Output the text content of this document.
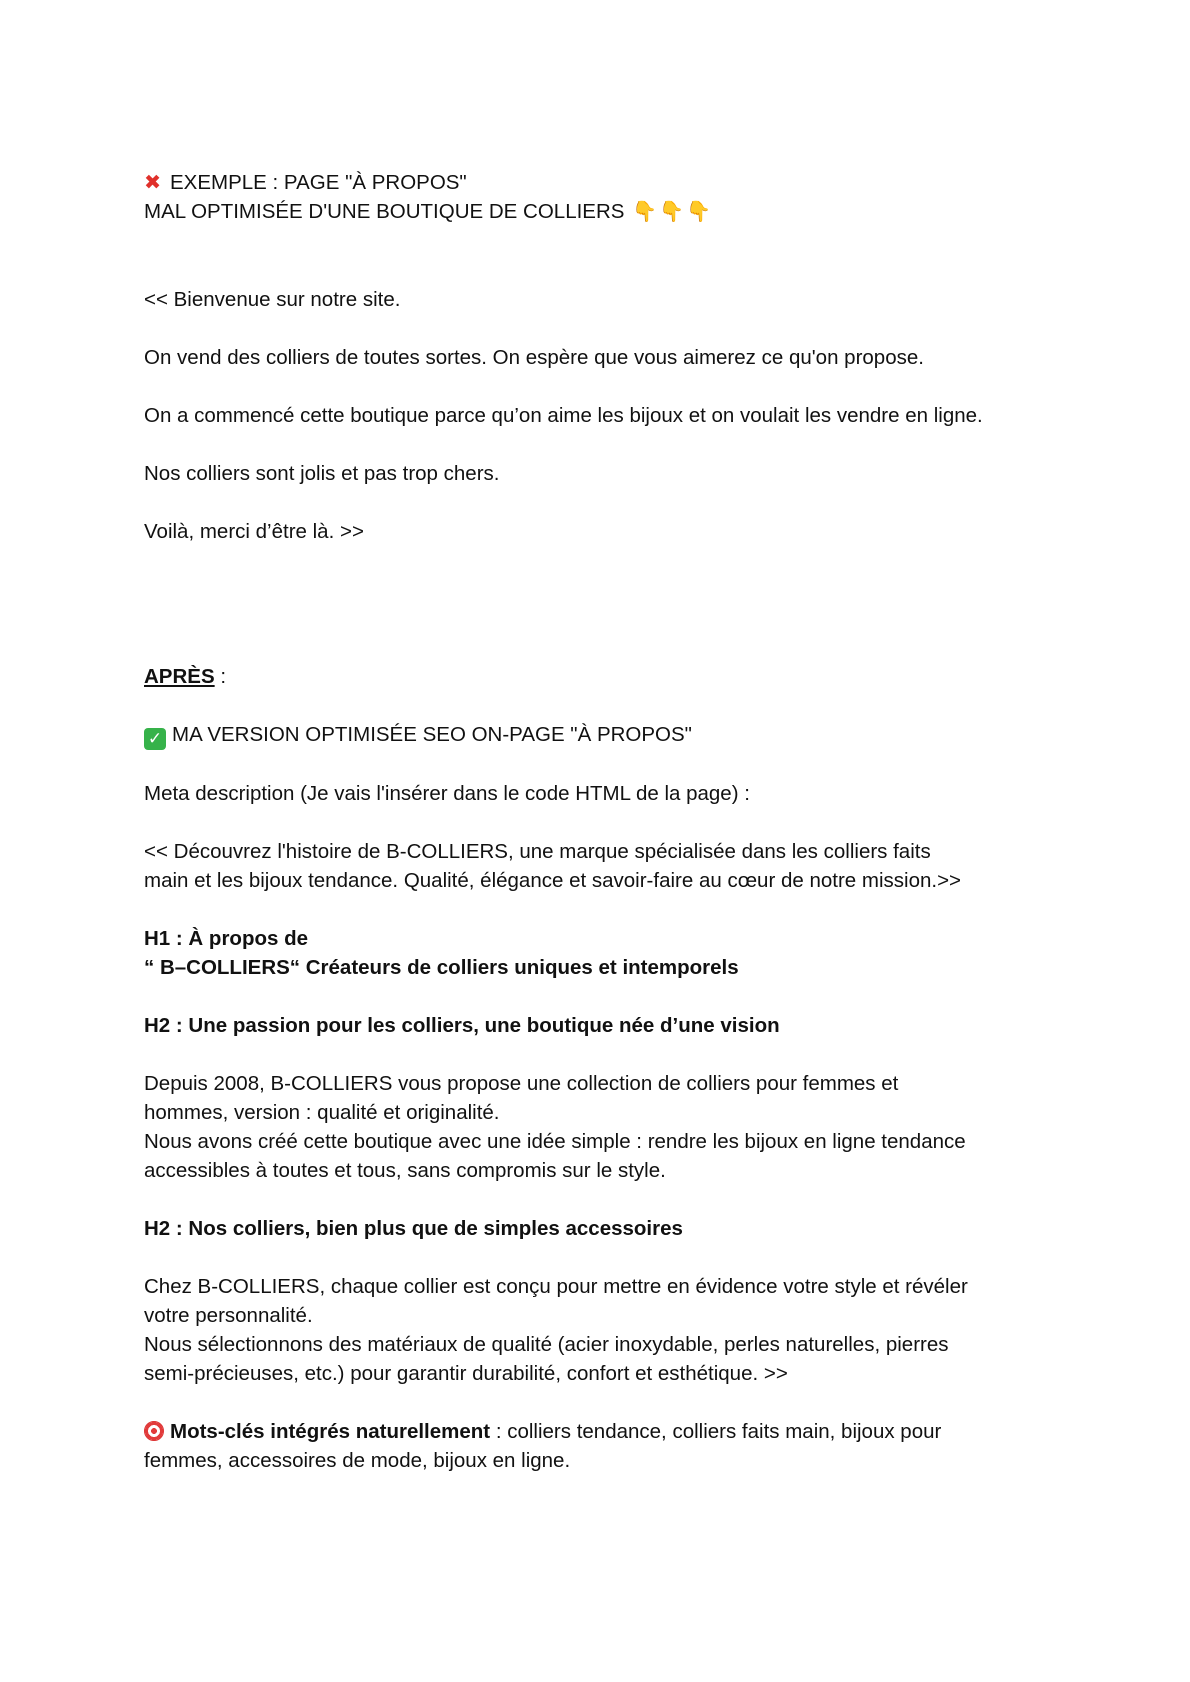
✖ EXEMPLE : PAGE "À PROPOS"

MAL OPTIMISÉE D'UNE BOUTIQUE DE COLLIERS 👇 👇 👇

<< Bienvenue sur notre site.

On vend des colliers de toutes sortes. On espère que vous aimerez ce qu'on propose.

On a commencé cette boutique parce qu’on aime les bijoux et on voulait les vendre en ligne.

Nos colliers sont jolis et pas trop chers.

Voilà, merci d’être là. >>

APRÈS :

✓ MA VERSION OPTIMISÉE SEO ON-PAGE "À PROPOS"

Meta description (Je vais l'insérer dans le code HTML de la page) :

<< Découvrez l'histoire de B-COLLIERS, une marque spécialisée dans les colliers faits

main et les bijoux tendance. Qualité, élégance et savoir-faire au cœur de notre mission.>>

H1 : À propos de

“ B–COLLIERS“ Créateurs de colliers uniques et intemporels

H2 : Une passion pour les colliers, une boutique née d’une vision

Depuis 2008, B-COLLIERS vous propose une collection de colliers pour femmes et

hommes, version : qualité et originalité.

Nous avons créé cette boutique avec une idée simple : rendre les bijoux en ligne tendance

accessibles à toutes et tous, sans compromis sur le style.

H2 : Nos colliers, bien plus que de simples accessoires

Chez B-COLLIERS, chaque collier est conçu pour mettre en évidence votre style et révéler

votre personnalité.

Nous sélectionnons des matériaux de qualité (acier inoxydable, perles naturelles, pierres

semi-précieuses, etc.) pour garantir durabilité, confort et esthétique. >>

Mots-clés intégrés naturellement : colliers tendance, colliers faits main, bijoux pour

femmes, accessoires de mode, bijoux en ligne.
